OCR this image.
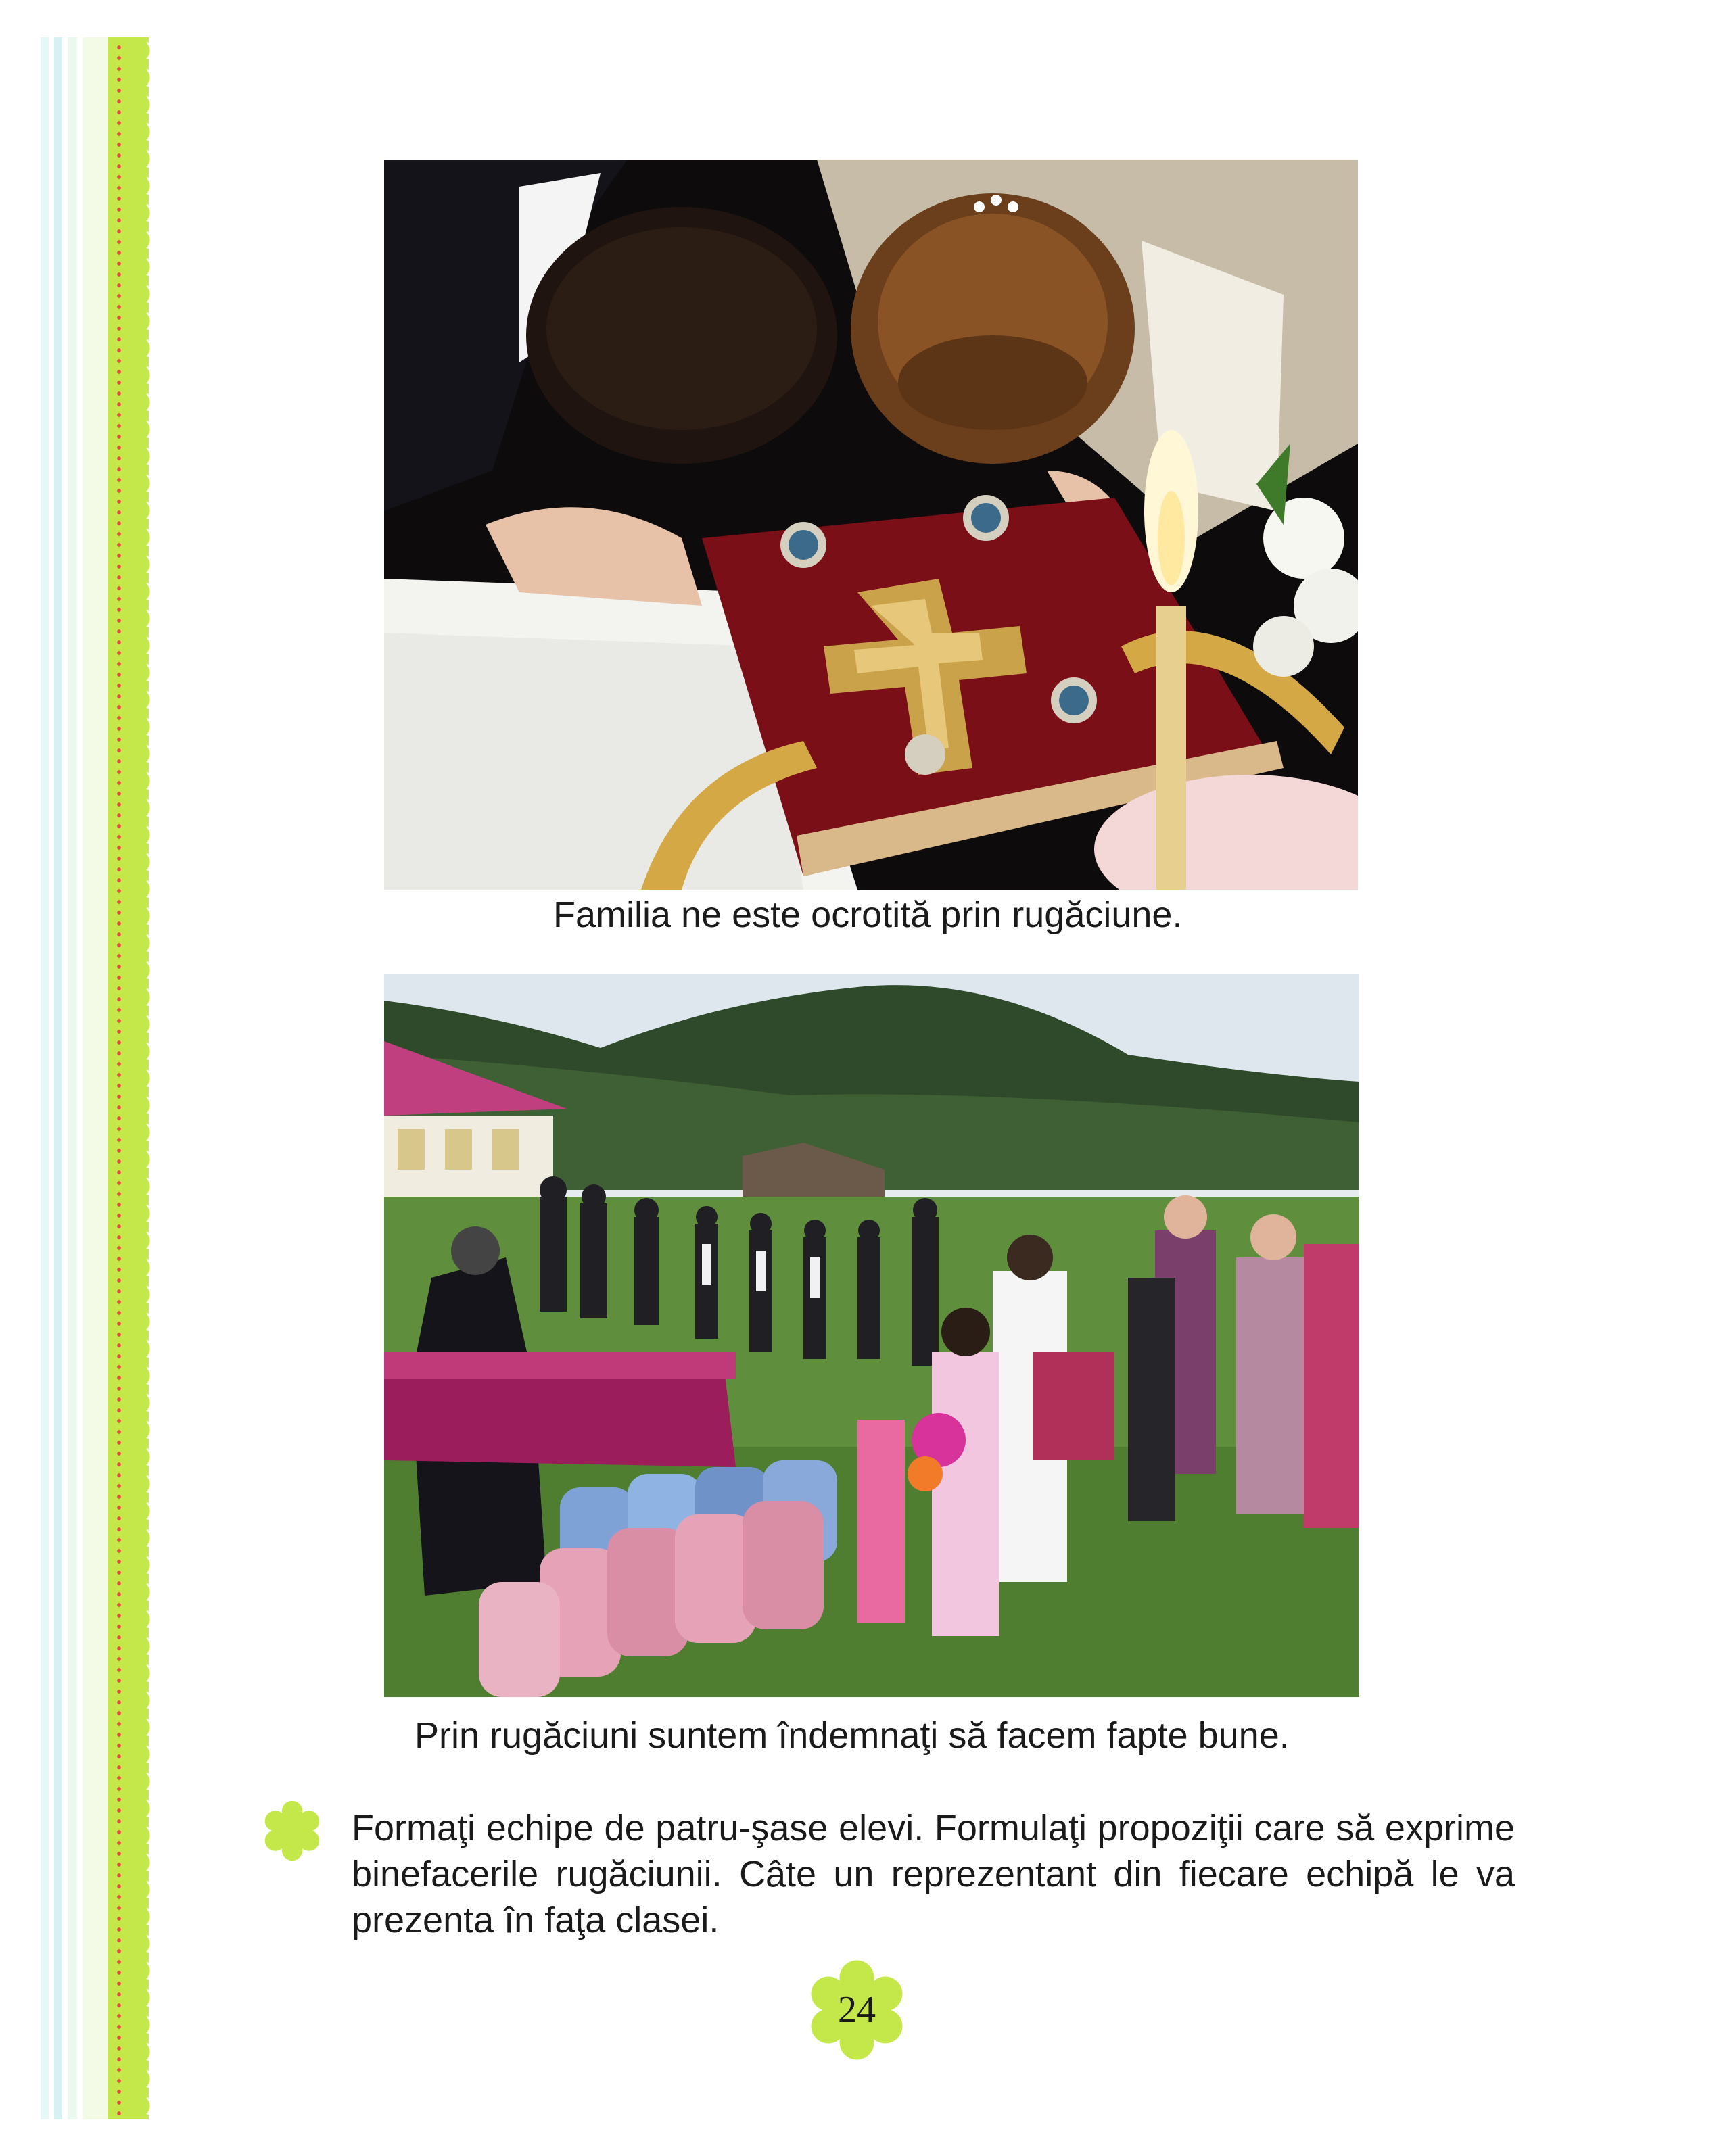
Familia ne este ocrotită prin rugăciune.
Prin rugăciuni suntem îndemnaţi să facem fapte bune.
Formaţi echipe de patru-şase elevi. Formulaţi propoziţii care să exprime binefacerile rugăciunii. Câte un reprezentant din fiecare echipă le va prezenta în faţa clasei.
24
